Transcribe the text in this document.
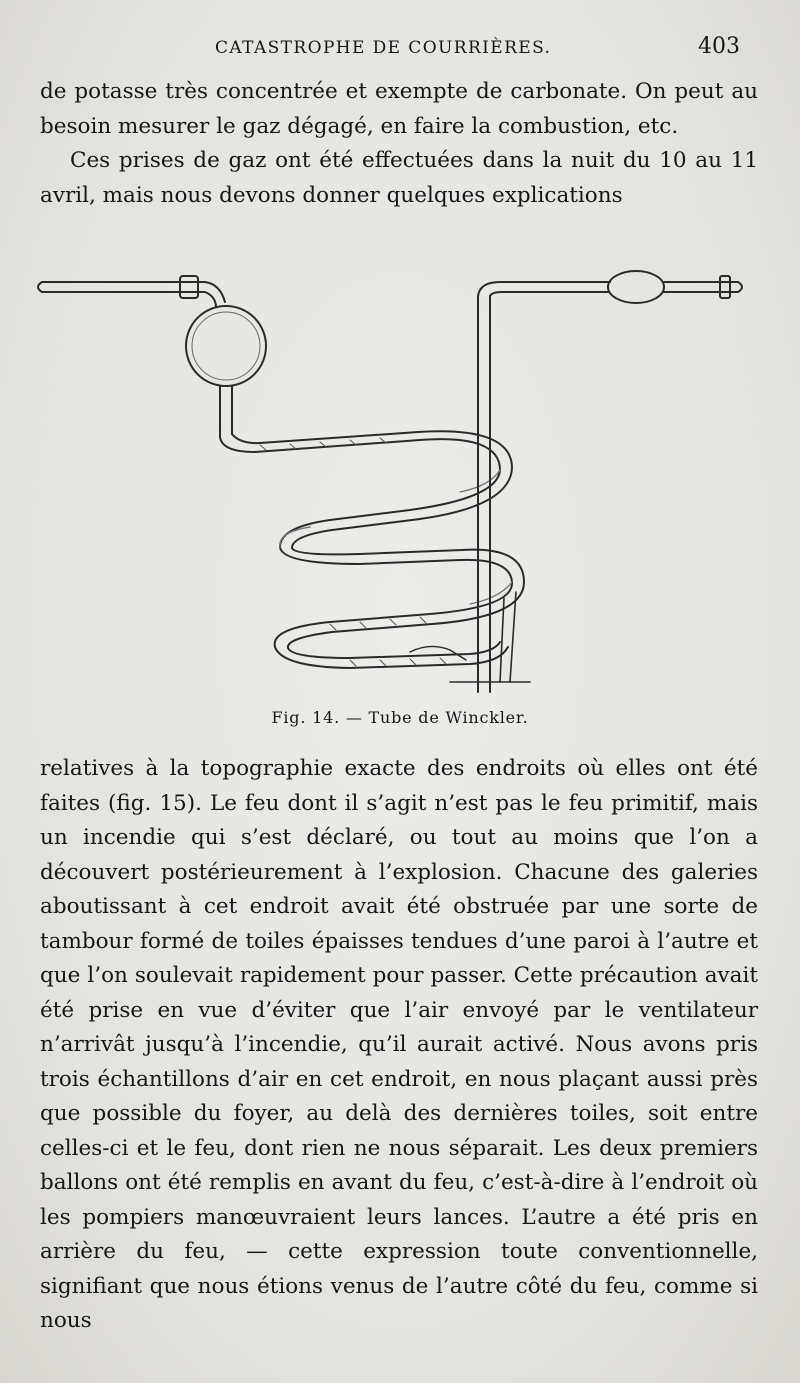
CATASTROPHE DE COURRIÈRES.	403

de potasse très concentrée et exempte de carbonate. On peut au besoin mesurer le gaz dégagé, en faire la combustion, etc.

Ces prises de gaz ont été effectuées dans la nuit du 10 au 11 avril, mais nous devons donner quelques explications

Fig. 14. — Tube de Winckler.

relatives à la topographie exacte des endroits où elles ont été faites (fig. 15). Le feu dont il s’agit n’est pas le feu primitif, mais un incendie qui s’est déclaré, ou tout au moins que l’on a découvert postérieurement à l’explosion. Chacune des galeries aboutissant à cet endroit avait été obstruée par une sorte de tambour formé de toiles épaisses tendues d’une paroi à l’autre et que l’on soulevait rapidement pour passer. Cette précaution avait été prise en vue d’éviter que l’air envoyé par le ventilateur n’arrivât jusqu’à l’incendie, qu’il aurait activé. Nous avons pris trois échantillons d’air en cet endroit, en nous plaçant aussi près que possible du foyer, au delà des dernières toiles, soit entre celles-ci et le feu, dont rien ne nous séparait. Les deux premiers ballons ont été remplis en avant du feu, c’est-à-dire à l’endroit où les pompiers manœuvraient leurs lances. L’autre a été pris en arrière du feu, — cette expression toute conventionnelle, signifiant que nous étions venus de l’autre côté du feu, comme si nous
